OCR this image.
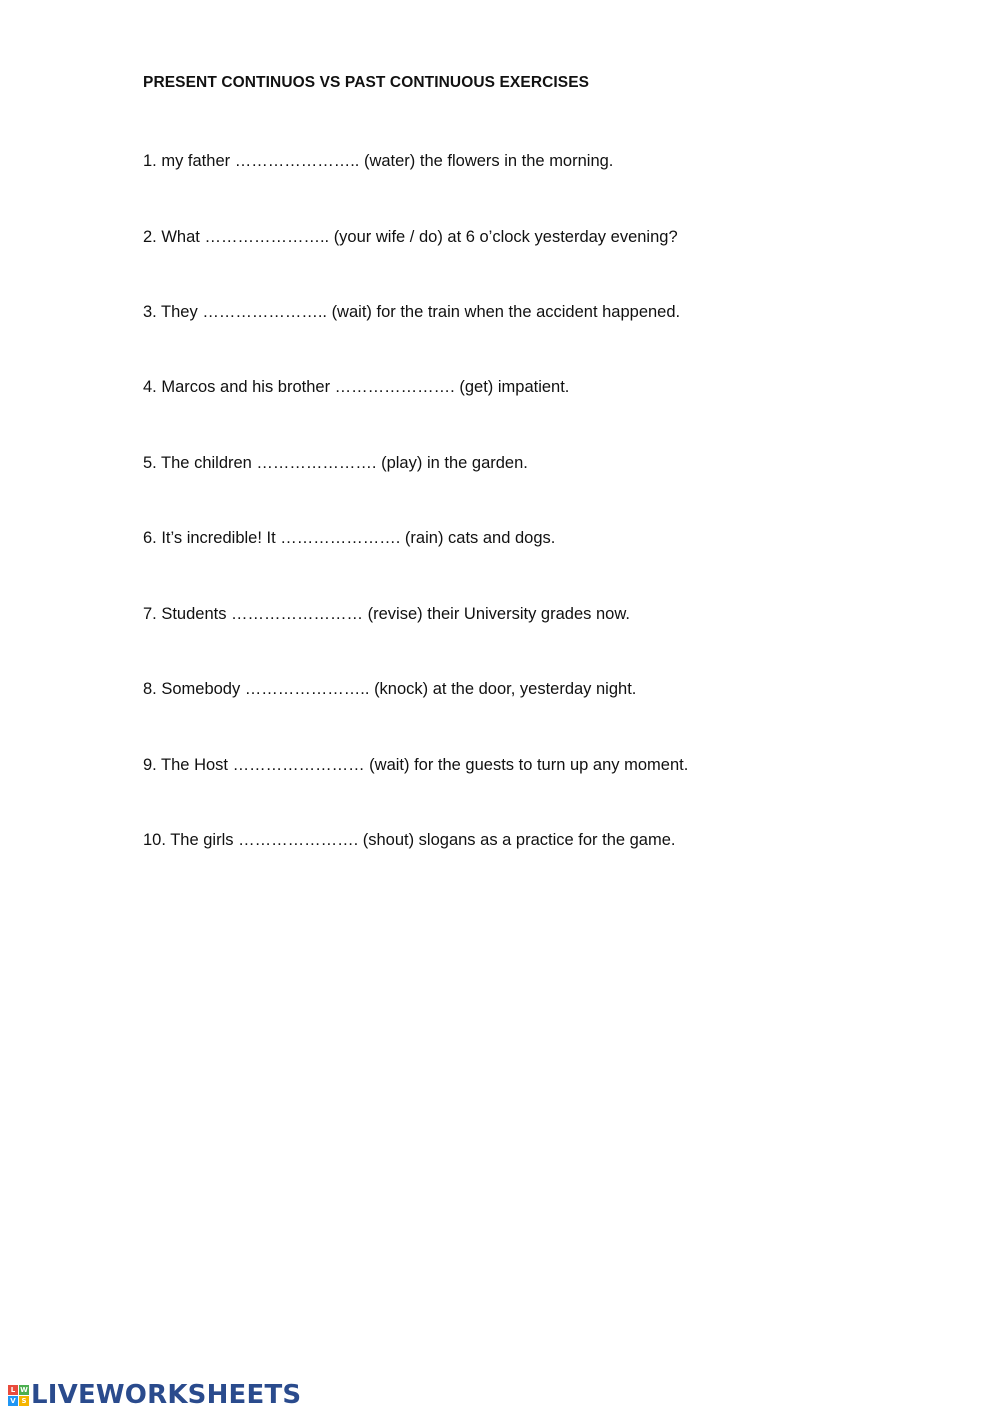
PRESENT CONTINUOS VS PAST CONTINUOUS EXERCISES
1. my father ………………….. (water) the flowers in the morning.
2. What ………………….. (your wife / do) at 6 o’clock yesterday evening?
3. They ………………….. (wait) for the train when the accident happened.
4. Marcos and his brother …………………. (get) impatient.
5. The children …………………. (play) in the garden.
6. It’s incredible! It …………………. (rain) cats and dogs.
7. Students …………………… (revise) their University grades now.
8. Somebody ………………….. (knock) at the door, yesterday night.
9. The Host …………………… (wait) for the guests to turn up any moment.
10. The girls …………………. (shout) slogans as a practice for the game.
L W
V S LIVEWORKSHEETS
